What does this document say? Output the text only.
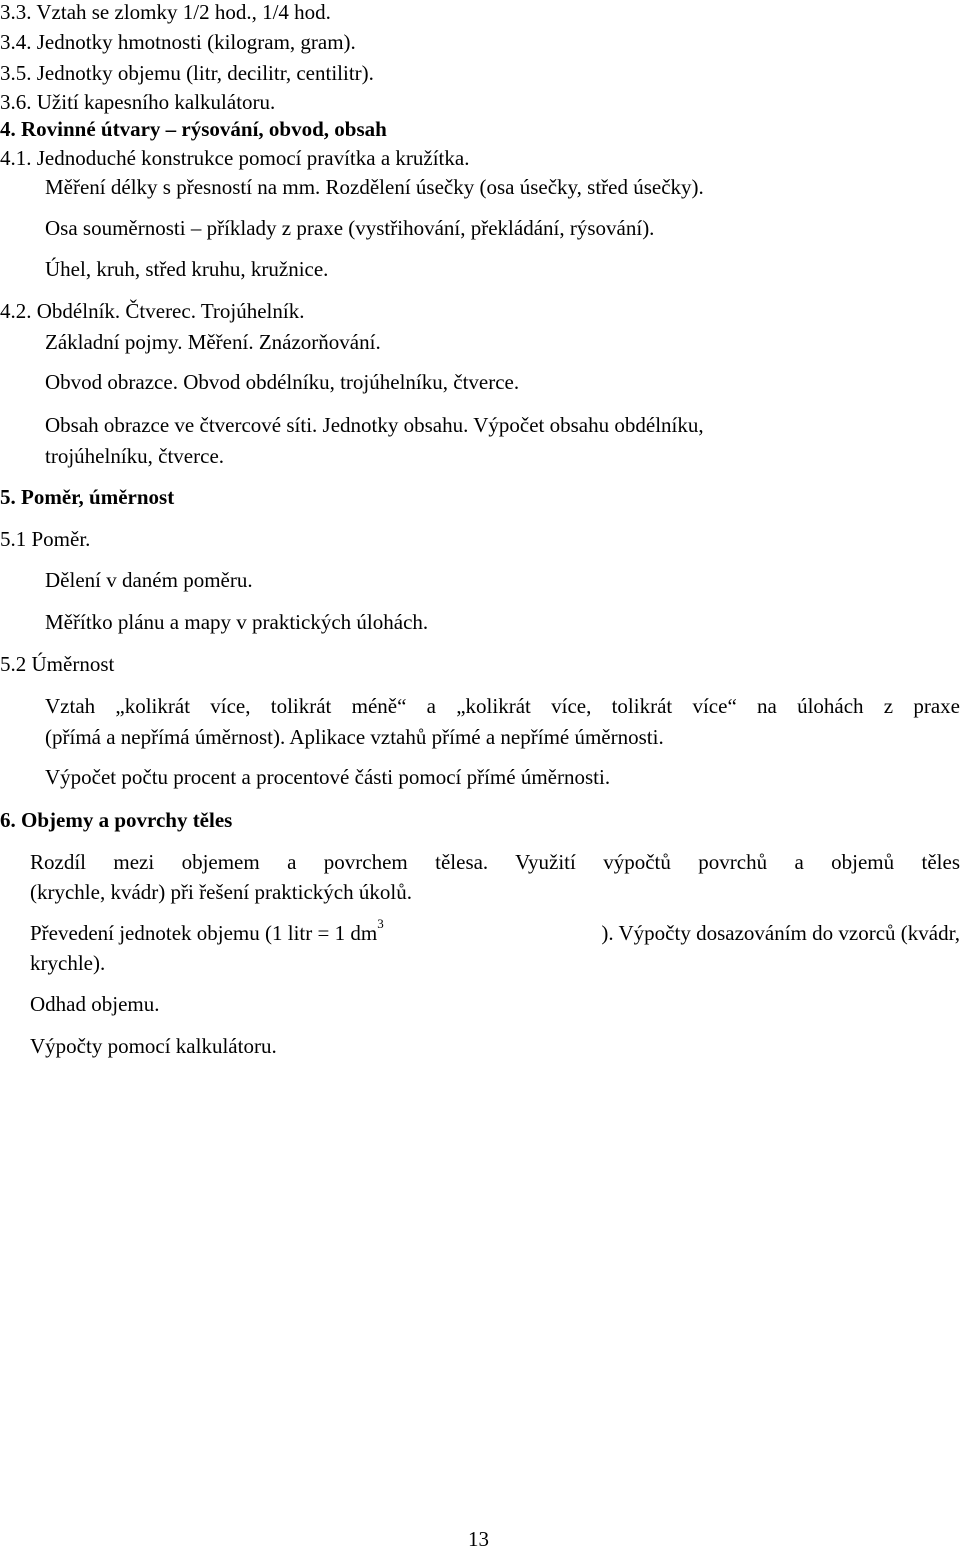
3.3. Vztah se zlomky 1/2 hod., 1/4 hod.
3.4. Jednotky hmotnosti (kilogram, gram).
3.5. Jednotky objemu (litr, decilitr, centilitr).
3.6. Užití kapesního kalkulátoru.
4. Rovinné útvary – rýsování, obvod, obsah
4.1. Jednoduché konstrukce pomocí pravítka a kružítka.
Měření délky s přesností na mm. Rozdělení úsečky (osa úsečky, střed úsečky).
Osa souměrnosti – příklady z praxe (vystřihování, překládání, rýsování).
Úhel, kruh, střed kruhu, kružnice.
4.2. Obdélník. Čtverec. Trojúhelník.
Základní pojmy. Měření. Znázorňování.
Obvod obrazce. Obvod obdélníku, trojúhelníku, čtverce.
Obsah obrazce ve čtvercové síti. Jednotky obsahu. Výpočet obsahu obdélníku,
trojúhelníku, čtverce.
5. Poměr, úměrnost
5.1 Poměr.
Dělení v daném poměru.
Měřítko plánu a mapy v praktických úlohách.
5.2 Úměrnost
Vztah „kolikrát více, tolikrát méně“ a „kolikrát více, tolikrát více“ na úlohách z praxe
(přímá a nepřímá úměrnost). Aplikace vztahů přímé a nepřímé úměrnosti.
Výpočet počtu procent a procentové části pomocí přímé úměrnosti.
6. Objemy a povrchy těles
Rozdíl mezi objemem a povrchem tělesa. Využití výpočtů povrchů a objemů těles
(krychle, kvádr) při řešení praktických úkolů.
Převedení jednotek objemu (1 litr = 1 $dm^3$	). Výpočty dosazováním do vzorců (kvádr,
krychle).
Odhad objemu.
Výpočty pomocí kalkulátoru.
13
